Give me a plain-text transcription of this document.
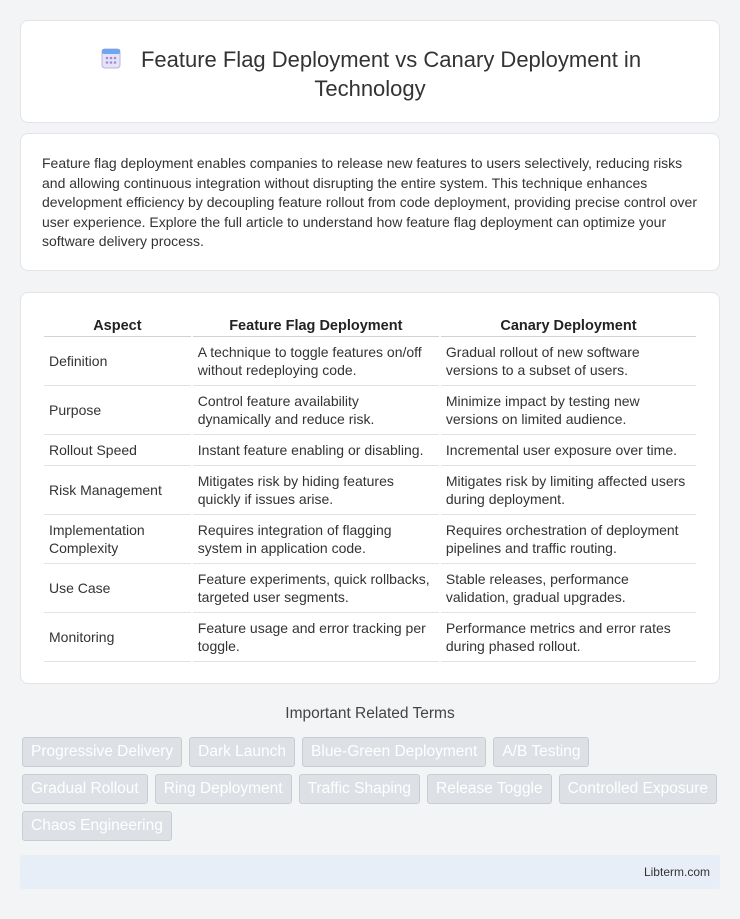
Feature Flag Deployment vs Canary Deployment in Technology

Feature flag deployment enables companies to release new features to users selectively, reducing risks and allowing continuous integration without disrupting the entire system. This technique enhances development efficiency by decoupling feature rollout from code deployment, providing precise control over user experience. Explore the full article to understand how feature flag deployment can optimize your software delivery process.

Aspect	Feature Flag Deployment	Canary Deployment
Definition	A technique to toggle features on/off without redeploying code.	Gradual rollout of new software versions to a subset of users.
Purpose	Control feature availability dynamically and reduce risk.	Minimize impact by testing new versions on limited audience.
Rollout Speed	Instant feature enabling or disabling.	Incremental user exposure over time.
Risk Management	Mitigates risk by hiding features quickly if issues arise.	Mitigates risk by limiting affected users during deployment.
Implementation Complexity	Requires integration of flagging system in application code.	Requires orchestration of deployment pipelines and traffic routing.
Use Case	Feature experiments, quick rollbacks, targeted user segments.	Stable releases, performance validation, gradual upgrades.
Monitoring	Feature usage and error tracking per toggle.	Performance metrics and error rates during phased rollout.
Important Related Terms
Progressive Delivery	Dark Launch	Blue-Green Deployment	A/B Testing
Gradual Rollout	Ring Deployment	Traffic Shaping	Release Toggle	Controlled Exposure
Chaos Engineering
Libterm.com
